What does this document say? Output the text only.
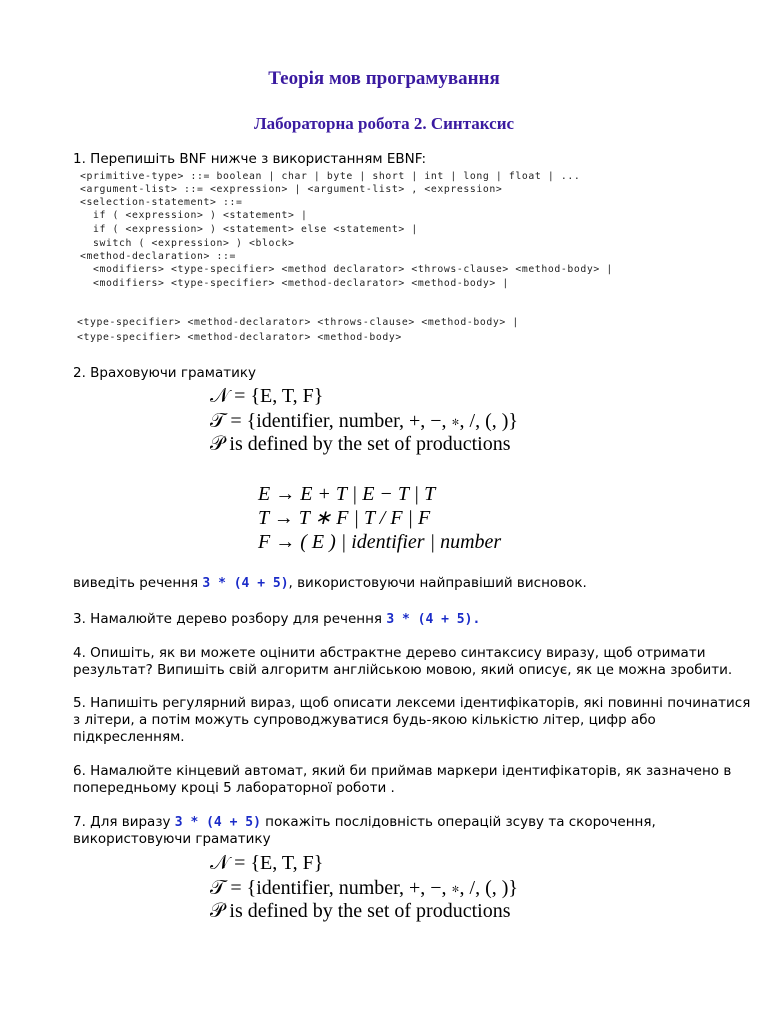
Теорія мов програмування
Лабораторна робота 2. Синтаксис
1. Перепишіть BNF нижче з використанням EBNF:
<primitive-type> ::= boolean | char | byte | short | int | long | float | ...
<argument-list> ::= <expression> | <argument-list> , <expression>
<selection-statement> ::=
if ( <expression> ) <statement> |
if ( <expression> ) <statement> else <statement> |
switch ( <expression> ) <block>
<method-declaration> ::=
<modifiers> <type-specifier> <method declarator> <throws-clause> <method-body> |
<modifiers> <type-specifier> <method-declarator> <method-body> |
<type-specifier> <method-declarator> <throws-clause> <method-body> |
<type-specifier> <method-declarator> <method-body>
2. Враховуючи граматику
𝒩 = {E, T, F}
𝒯 = {identifier, number, +, −, ∗, /, (, )}
𝒫 is defined by the set of productions
E → E + T | E − T | T
T → T ∗ F | T / F | F
F → ( E ) | identifier | number
виведіть речення 3 * (4 + 5), використовуючи найправіший висновок.
3. Намалюйте дерево розбору для речення 3 * (4 + 5).
4. Опишіть, як ви можете оцінити абстрактне дерево синтаксису виразу, щоб отримати
результат? Випишіть свій алгоритм англійською мовою, який описує, як це можна зробити.
5. Напишіть регулярний вираз, щоб описати лексеми ідентифікаторів, які повинні починатися
з літери, а потім можуть супроводжуватися будь-якою кількістю літер, цифр або
підкресленням.
6. Намалюйте кінцевий автомат, який би приймав маркери ідентифікаторів, як зазначено в
попередньому кроці 5 лабораторної роботи .
7. Для виразу 3 * (4 + 5) покажіть послідовність операцій зсуву та скорочення,
використовуючи граматику
𝒩 = {E, T, F}
𝒯 = {identifier, number, +, −, ∗, /, (, )}
𝒫 is defined by the set of productions
